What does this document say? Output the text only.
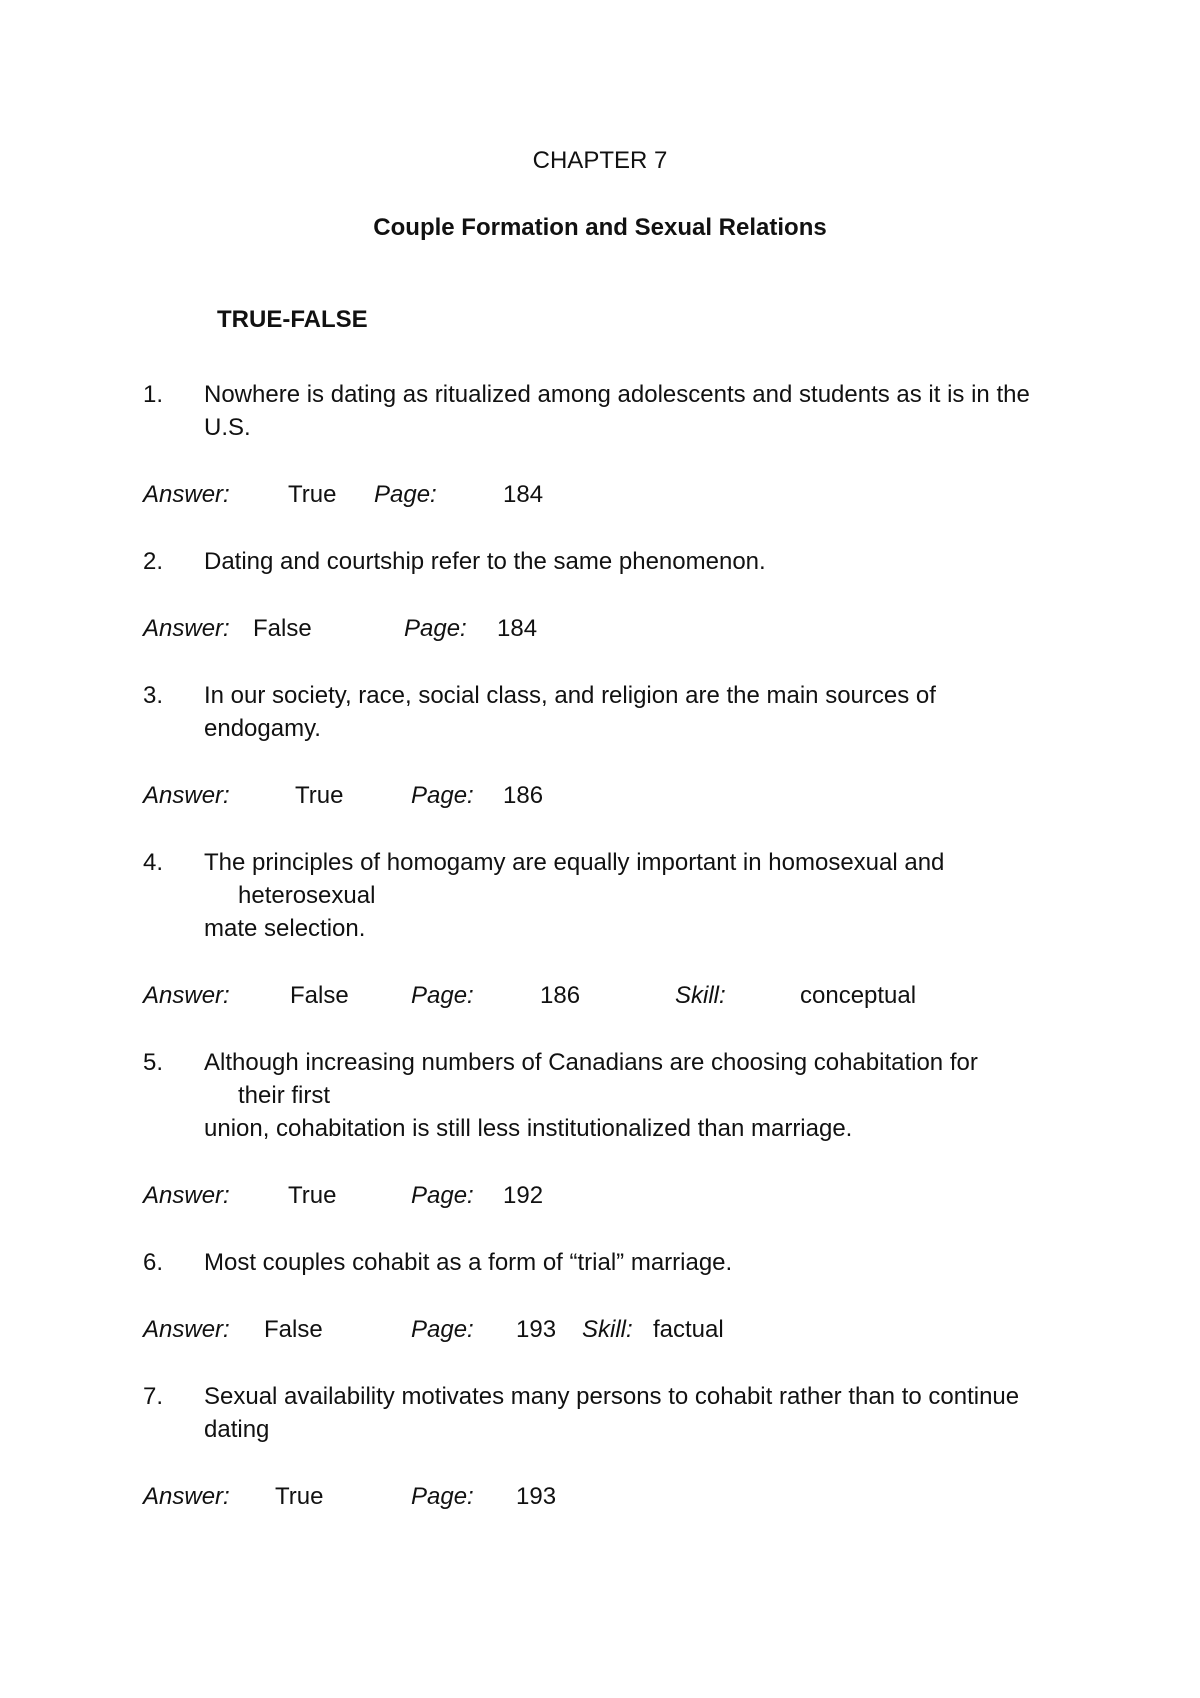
CHAPTER 7
Couple Formation and Sexual Relations
TRUE-FALSE
1. Nowhere is dating as ritualized among adolescents and students as it is in the
U.S.
Answer: True Page:	184
2. Dating and courtship refer to the same phenomenon.
Answer: False	Page: 184
3. In our society, race, social class, and religion are the main sources of
endogamy.
Answer:	True	Page: 186
4. The principles of homogamy are equally important in homosexual and
heterosexual
mate selection.
Answer:	False	Page:	186	Skill:	conceptual
5. Although increasing numbers of Canadians are choosing cohabitation for
their first
union, cohabitation is still less institutionalized than marriage.
Answer: True	Page: 192
6. Most couples cohabit as a form of “trial” marriage.
Answer: False	Page: 193 Skill: factual
7. Sexual availability motivates many persons to cohabit rather than to continue
dating
Answer: True	Page: 193
